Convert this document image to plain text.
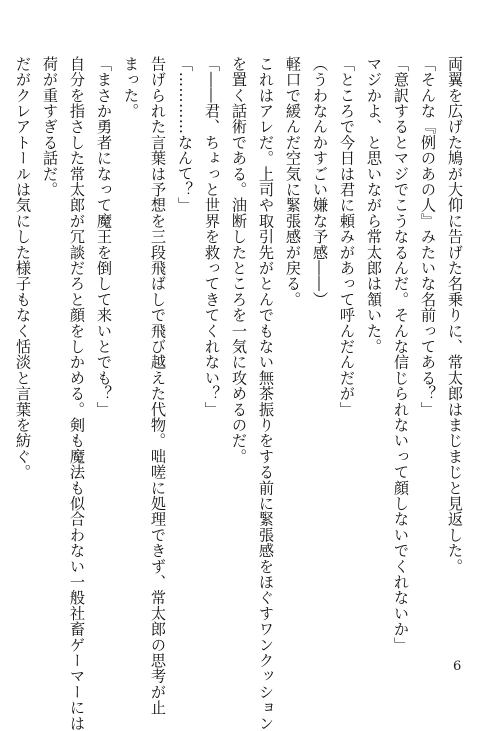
両翼を広げた鳩が大仰に告げた名乗りに、常太郎はまじまじと見返した。
「そんな『例のあの人』みたいな名前ってある？」
「意訳するとマジでこうなるんだ。そんな信じられないって顔しないでくれないか」
マジかよ、と思いながら常太郎は頷いた。
「ところで今日は君に頼みがあって呼んだんだが」
（うわなんかすごい嫌な予感――）
軽口で緩んだ空気に緊張感が戻る。
これはアレだ。上司や取引先がとんでもない無茶振りをする前に緊張感をほぐすワンクッション
を置く話術である。油断したところを一気に攻めるのだ。
「――君、ちょっと世界を救ってきてくれない？」
「…………なんて？」
告げられた言葉は予想を三段飛ばしで飛び越えた代物。咄嗟に処理できず、常太郎の思考が止
まった。
「まさか勇者になって魔王を倒して来いとでも？」
自分を指さした常太郎が冗談だろと顔をしかめる。剣も魔法も似合わない一般社畜ゲーマーには
荷が重すぎる話だ。
だがクレアトールは気にした様子もなく恬淡と言葉を紡ぐ。
6
